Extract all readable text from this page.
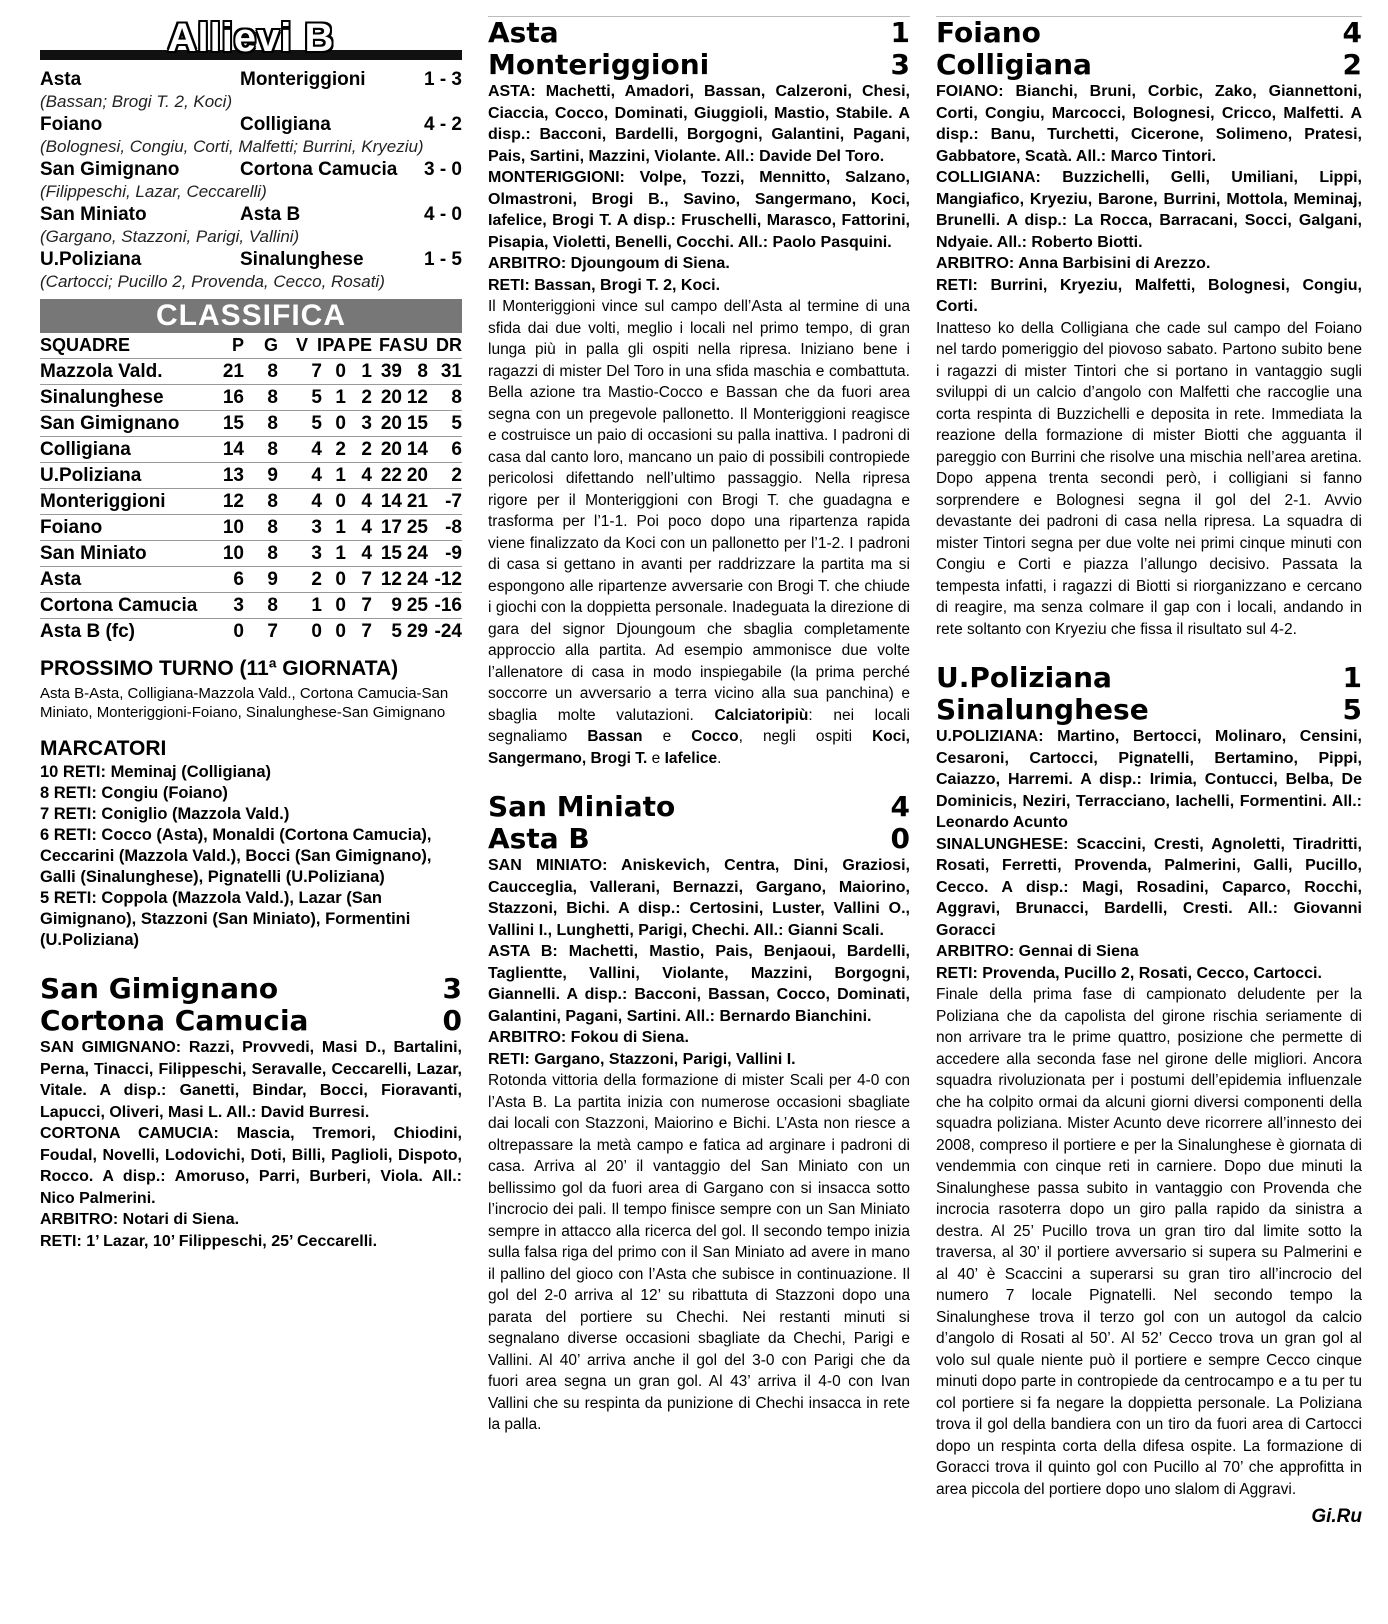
Allievi B
Asta	Monteriggioni	1 - 3
(Bassan; Brogi T. 2, Koci)
Foiano	Colligiana	4 - 2
(Bolognesi, Congiu, Corti, Malfetti; Burrini, Kryeziu)
San Gimignano	Cortona Camucia	3 - 0
(Filippeschi, Lazar, Ceccarelli)
San Miniato	Asta B	4 - 0
(Gargano, Stazzoni, Parigi, Vallini)
U.Poliziana	Sinalunghese	1 - 5
(Cartocci; Pucillo 2, Provenda, Cecco, Rosati)
CLASSIFICA
SQUADRE	P	G	V	I	PA	PE	FA	SU	DR
Mazzola Vald.	21	8	7		0	1	39	8	31
Sinalunghese	16	8	5		1	2	20	12	8
San Gimignano	15	8	5		0	3	20	15	5
Colligiana	14	8	4		2	2	20	14	6
U.Poliziana	13	9	4		1	4	22	20	2
Monteriggioni	12	8	4		0	4	14	21	-7
Foiano	10	8	3		1	4	17	25	-8
San Miniato	10	8	3		1	4	15	24	-9
Asta	6	9	2		0	7	12	24	-12
Cortona Camucia	3	8	1		0	7	9	25	-16
Asta B (fc)	0	7	0		0	7	5	29	-24
PROSSIMO TURNO (11ª GIORNATA)
Asta B-Asta, Colligiana-Mazzola Vald., Cortona Camucia-San Miniato, Monteriggioni-Foiano, Sinalunghese-San Gimignano
MARCATORI
10 RETI: Meminaj (Colligiana)
8 RETI: Congiu (Foiano)
7 RETI: Coniglio (Mazzola Vald.)
6 RETI: Cocco (Asta), Monaldi (Cortona Camucia), Ceccarini (Mazzola Vald.), Bocci (San Gimignano), Galli (Sinalunghese), Pignatelli (U.Poliziana)
5 RETI: Coppola (Mazzola Vald.), Lazar (San Gimignano), Stazzoni (San Miniato), Formentini (U.Poliziana)
San Gimignano	3
Cortona Camucia	0
SAN GIMIGNANO: Razzi, Provvedi, Masi D., Bartalini, Perna, Tinacci, Filippeschi, Seravalle, Ceccarelli, Lazar, Vitale. A disp.: Ganetti, Bindar, Bocci, Fioravanti, Lapucci, Oliveri, Masi L. All.: David Burresi.
CORTONA CAMUCIA: Mascia, Tremori, Chiodini, Foudal, Novelli, Lodovichi, Doti, Billi, Paglioli, Dispoto, Rocco. A disp.: Amoruso, Parri, Burberi, Viola. All.: Nico Palmerini.
ARBITRO: Notari di Siena.
RETI: 1’ Lazar, 10’ Filippeschi, 25’ Ceccarelli.
Asta	1
Monteriggioni	3
ASTA: Machetti, Amadori, Bassan, Calzeroni, Chesi, Ciaccia, Cocco, Dominati, Giuggioli, Mastio, Stabile. A disp.: Bacconi, Bardelli, Borgogni, Galantini, Pagani, Pais, Sartini, Mazzini, Violante. All.: Davide Del Toro.
MONTERIGGIONI: Volpe, Tozzi, Mennitto, Salzano, Olmastroni, Brogi B., Savino, Sangermano, Koci, Iafelice, Brogi T. A disp.: Fruschelli, Marasco, Fattorini, Pisapia, Violetti, Benelli, Cocchi. All.: Paolo Pasquini.
ARBITRO: Djoungoum di Siena.
RETI: Bassan, Brogi T. 2, Koci.
Il Monteriggioni vince sul campo dell’Asta al termine di una sfida dai due volti, meglio i locali nel primo tempo, di gran lunga più in palla gli ospiti nella ripresa. Iniziano bene i ragazzi di mister Del Toro in una sfida maschia e combattuta. Bella azione tra Mastio-Cocco e Bassan che da fuori area segna con un pregevole pallonetto. Il Monteriggioni reagisce e costruisce un paio di occasioni su palla inattiva. I padroni di casa dal canto loro, mancano un paio di possibili contropiede pericolosi difettando nell’ultimo passaggio. Nella ripresa rigore per il Monteriggioni con Brogi T. che guadagna e trasforma per l’1-1. Poi poco dopo una ripartenza rapida viene finalizzato da Koci con un pallonetto per l’1-2. I padroni di casa si gettano in avanti per raddrizzare la partita ma si espongono alle ripartenze avversarie con Brogi T. che chiude i giochi con la doppietta personale. Inadeguata la direzione di gara del signor Djoungoum che sbaglia completamente approccio alla partita. Ad esempio ammonisce due volte l’allenatore di casa in modo inspiegabile (la prima perché soccorre un avversario a terra vicino alla sua panchina) e sbaglia molte valutazioni. Calciatoripiù: nei locali segnaliamo Bassan e Cocco, negli ospiti Koci, Sangermano, Brogi T. e Iafelice.
San Miniato	4
Asta B	0
SAN MINIATO: Aniskevich, Centra, Dini, Graziosi, Caucceglia, Vallerani, Bernazzi, Gargano, Maiorino, Stazzoni, Bichi. A disp.: Certosini, Luster, Vallini O., Vallini I., Lunghetti, Parigi, Chechi. All.: Gianni Scali.
ASTA B: Machetti, Mastio, Pais, Benjaoui, Bardelli, Taglientte, Vallini, Violante, Mazzini, Borgogni, Giannelli. A disp.: Bacconi, Bassan, Cocco, Dominati, Galantini, Pagani, Sartini. All.: Bernardo Bianchini.
ARBITRO: Fokou di Siena.
RETI: Gargano, Stazzoni, Parigi, Vallini I.
Rotonda vittoria della formazione di mister Scali per 4-0 con l’Asta B. La partita inizia con numerose occasioni sbagliate dai locali con Stazzoni, Maiorino e Bichi. L’Asta non riesce a oltrepassare la metà campo e fatica ad arginare i padroni di casa. Arriva al 20’ il vantaggio del San Miniato con un bellissimo gol da fuori area di Gargano con si insacca sotto l’incrocio dei pali. Il tempo finisce sempre con un San Miniato sempre in attacco alla ricerca del gol. Il secondo tempo inizia sulla falsa riga del primo con il San Miniato ad avere in mano il pallino del gioco con l’Asta che subisce in continuazione. Il gol del 2-0 arriva al 12’ su ribattuta di Stazzoni dopo una parata del portiere su Chechi. Nei restanti minuti si segnalano diverse occasioni sbagliate da Chechi, Parigi e Vallini. Al 40’ arriva anche il gol del 3-0 con Parigi che da fuori area segna un gran gol. Al 43’ arriva il 4-0 con Ivan Vallini che su respinta da punizione di Chechi insacca in rete la palla.
Foiano	4
Colligiana	2
FOIANO: Bianchi, Bruni, Corbic, Zako, Giannettoni, Corti, Congiu, Marcocci, Bolognesi, Cricco, Malfetti. A disp.: Banu, Turchetti, Cicerone, Solimeno, Pratesi, Gabbatore, Scatà. All.: Marco Tintori.
COLLIGIANA: Buzzichelli, Gelli, Umiliani, Lippi, Mangiafico, Kryeziu, Barone, Burrini, Mottola, Meminaj, Brunelli. A disp.: La Rocca, Barracani, Socci, Galgani, Ndyaie. All.: Roberto Biotti.
ARBITRO: Anna Barbisini di Arezzo.
RETI: Burrini, Kryeziu, Malfetti, Bolognesi, Congiu, Corti.
Inatteso ko della Colligiana che cade sul campo del Foiano nel tardo pomeriggio del piovoso sabato. Partono subito bene i ragazzi di mister Tintori che si portano in vantaggio sugli sviluppi di un calcio d’angolo con Malfetti che raccoglie una corta respinta di Buzzichelli e deposita in rete. Immediata la reazione della formazione di mister Biotti che agguanta il pareggio con Burrini che risolve una mischia nell’area aretina. Dopo appena trenta secondi però, i colligiani si fanno sorprendere e Bolognesi segna il gol del 2-1. Avvio devastante dei padroni di casa nella ripresa. La squadra di mister Tintori segna per due volte nei primi cinque minuti con Congiu e Corti e piazza l’allungo decisivo. Passata la tempesta infatti, i ragazzi di Biotti si riorganizzano e cercano di reagire, ma senza colmare il gap con i locali, andando in rete soltanto con Kryeziu che fissa il risultato sul 4-2.
U.Poliziana	1
Sinalunghese	5
U.POLIZIANA: Martino, Bertocci, Molinaro, Censini, Cesaroni, Cartocci, Pignatelli, Bertamino, Pippi, Caiazzo, Harremi. A disp.: Irimia, Contucci, Belba, De Dominicis, Neziri, Terracciano, Iachelli, Formentini. All.: Leonardo Acunto
SINALUNGHESE: Scaccini, Cresti, Agnoletti, Tiradritti, Rosati, Ferretti, Provenda, Palmerini, Galli, Pucillo, Cecco. A disp.: Magi, Rosadini, Caparco, Rocchi, Aggravi, Brunacci, Bardelli, Cresti. All.: Giovanni Goracci
ARBITRO: Gennai di Siena
RETI: Provenda, Pucillo 2, Rosati, Cecco, Cartocci.
Finale della prima fase di campionato deludente per la Poliziana che da capolista del girone rischia seriamente di non arrivare tra le prime quattro, posizione che permette di accedere alla seconda fase nel girone delle migliori. Ancora squadra rivoluzionata per i postumi dell’epidemia influenzale che ha colpito ormai da alcuni giorni diversi componenti della squadra poliziana. Mister Acunto deve ricorrere all’innesto dei 2008, compreso il portiere e per la Sinalunghese è giornata di vendemmia con cinque reti in carniere. Dopo due minuti la Sinalunghese passa subito in vantaggio con Provenda che incrocia rasoterra dopo un giro palla rapido da sinistra a destra. Al 25’ Pucillo trova un gran tiro dal limite sotto la traversa, al 30’ il portiere avversario si supera su Palmerini e al 40’ è Scaccini a superarsi su gran tiro all’incrocio del numero 7 locale Pignatelli. Nel secondo tempo la Sinalunghese trova il terzo gol con un autogol da calcio d’angolo di Rosati al 50’. Al 52’ Cecco trova un gran gol al volo sul quale niente può il portiere e sempre Cecco cinque minuti dopo parte in contropiede da centrocampo e a tu per tu col portiere si fa negare la doppietta personale. La Poliziana trova il gol della bandiera con un tiro da fuori area di Cartocci dopo un respinta corta della difesa ospite. La formazione di Goracci trova il quinto gol con Pucillo al 70’ che approfitta in area piccola del portiere dopo uno slalom di Aggravi.
Gi.Ru
